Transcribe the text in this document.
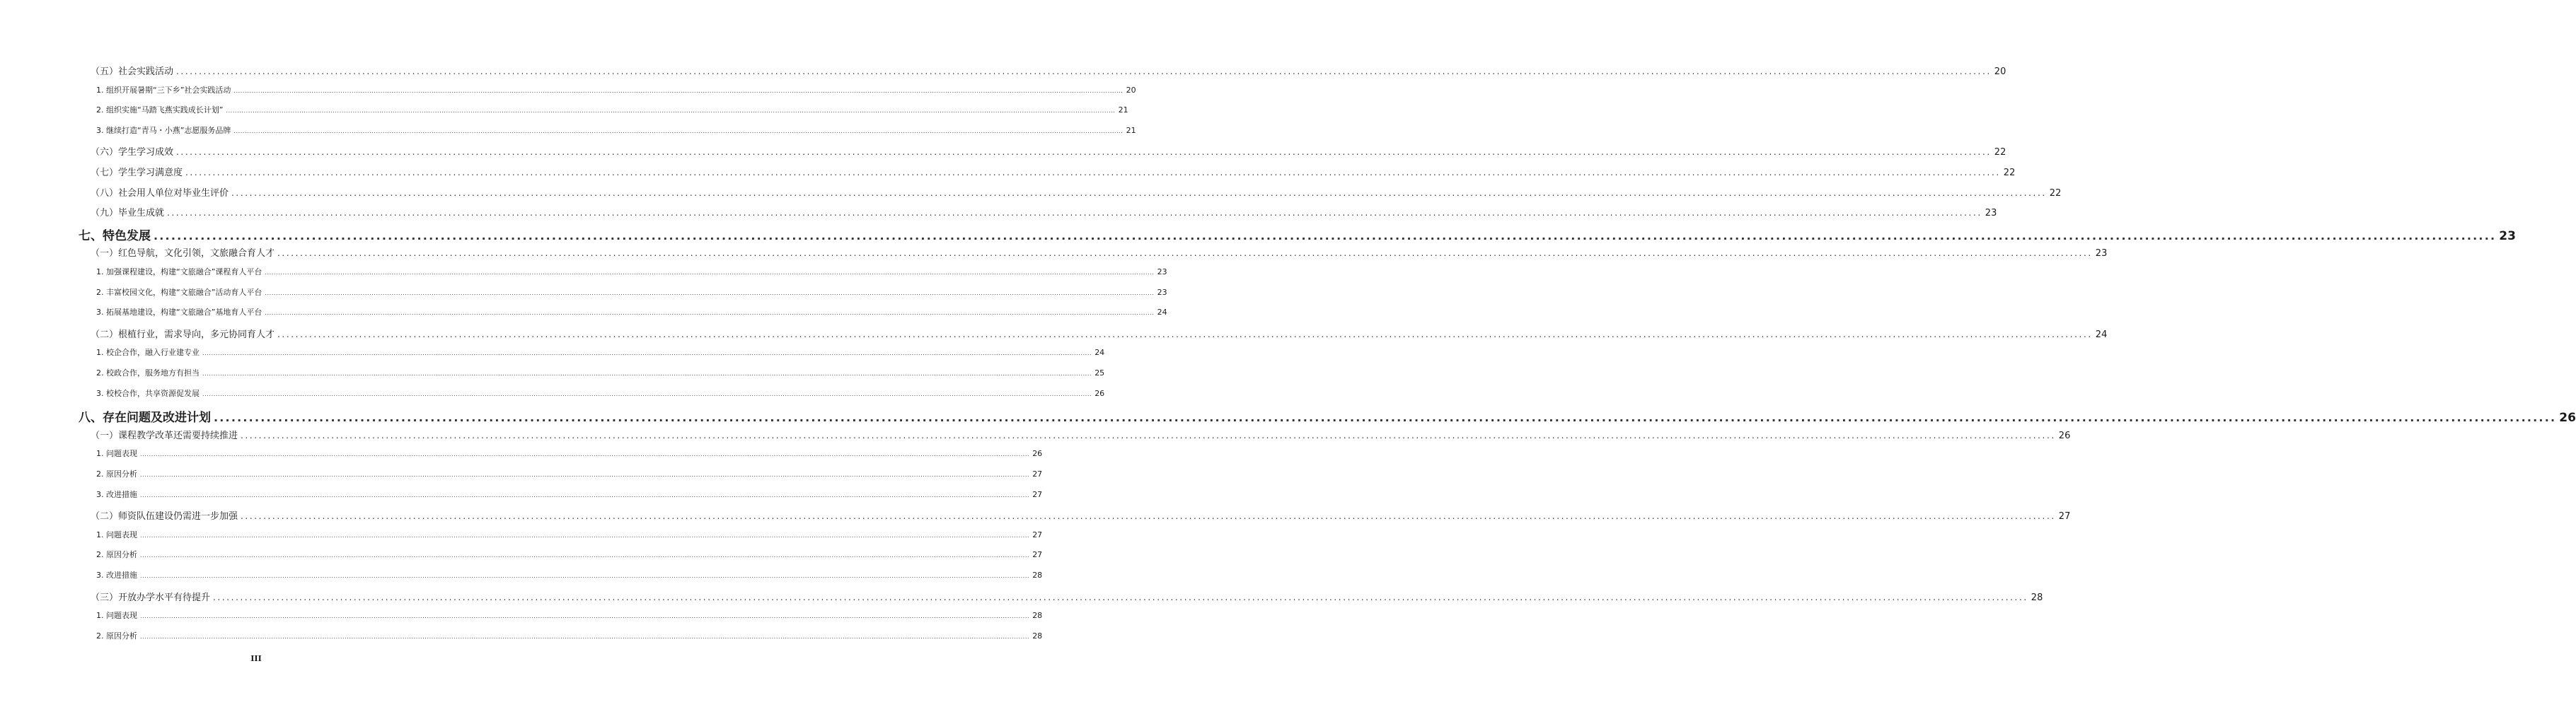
（五）社会实践活动 ................................................................................................................................................................................................................................................................................................................................................................................................................ 20
1. 组织开展暑期“三下乡”社会实践活动 ................................................................................................................................................................................................................................................................................................................................................................................................................ 20
2. 组织实施“马踏飞燕实践成长计划” ................................................................................................................................................................................................................................................................................................................................................................................................................ 21
3. 继续打造“青马・小燕”志愿服务品牌 ................................................................................................................................................................................................................................................................................................................................................................................................................ 21
（六）学生学习成效 ................................................................................................................................................................................................................................................................................................................................................................................................................ 22
（七）学生学习满意度 ................................................................................................................................................................................................................................................................................................................................................................................................................ 22
（八）社会用人单位对毕业生评价 ................................................................................................................................................................................................................................................................................................................................................................................................................ 22
（九）毕业生成就 ................................................................................................................................................................................................................................................................................................................................................................................................................ 23
七、特色发展 ................................................................................................................................................................................................................................................................................................................................................................................................................ 23
（一）红色导航，文化引领，文旅融合育人才 ................................................................................................................................................................................................................................................................................................................................................................................................................ 23
1. 加强课程建设，构建“文旅融合”课程育人平台 ................................................................................................................................................................................................................................................................................................................................................................................................................ 23
2. 丰富校园文化，构建“文旅融合”活动育人平台 ................................................................................................................................................................................................................................................................................................................................................................................................................ 23
3. 拓展基地建设，构建“文旅融合”基地育人平台 ................................................................................................................................................................................................................................................................................................................................................................................................................ 24
（二）根植行业，需求导向，多元协同育人才 ................................................................................................................................................................................................................................................................................................................................................................................................................ 24
1. 校企合作，融入行业建专业 ................................................................................................................................................................................................................................................................................................................................................................................................................ 24
2. 校政合作，服务地方有担当 ................................................................................................................................................................................................................................................................................................................................................................................................................ 25
3. 校校合作，共享资源促发展 ................................................................................................................................................................................................................................................................................................................................................................................................................ 26
八、存在问题及改进计划 ................................................................................................................................................................................................................................................................................................................................................................................................................ 26
（一）课程教学改革还需要持续推进 ................................................................................................................................................................................................................................................................................................................................................................................................................ 26
1. 问题表现 ................................................................................................................................................................................................................................................................................................................................................................................................................ 26
2. 原因分析 ................................................................................................................................................................................................................................................................................................................................................................................................................ 27
3. 改进措施 ................................................................................................................................................................................................................................................................................................................................................................................................................ 27
（二）师资队伍建设仍需进一步加强 ................................................................................................................................................................................................................................................................................................................................................................................................................ 27
1. 问题表现 ................................................................................................................................................................................................................................................................................................................................................................................................................ 27
2. 原因分析 ................................................................................................................................................................................................................................................................................................................................................................................................................ 27
3. 改进措施 ................................................................................................................................................................................................................................................................................................................................................................................................................ 28
（三）开放办学水平有待提升 ................................................................................................................................................................................................................................................................................................................................................................................................................ 28
1. 问题表现 ................................................................................................................................................................................................................................................................................................................................................................................................................ 28
2. 原因分析 ................................................................................................................................................................................................................................................................................................................................................................................................................ 28
III
